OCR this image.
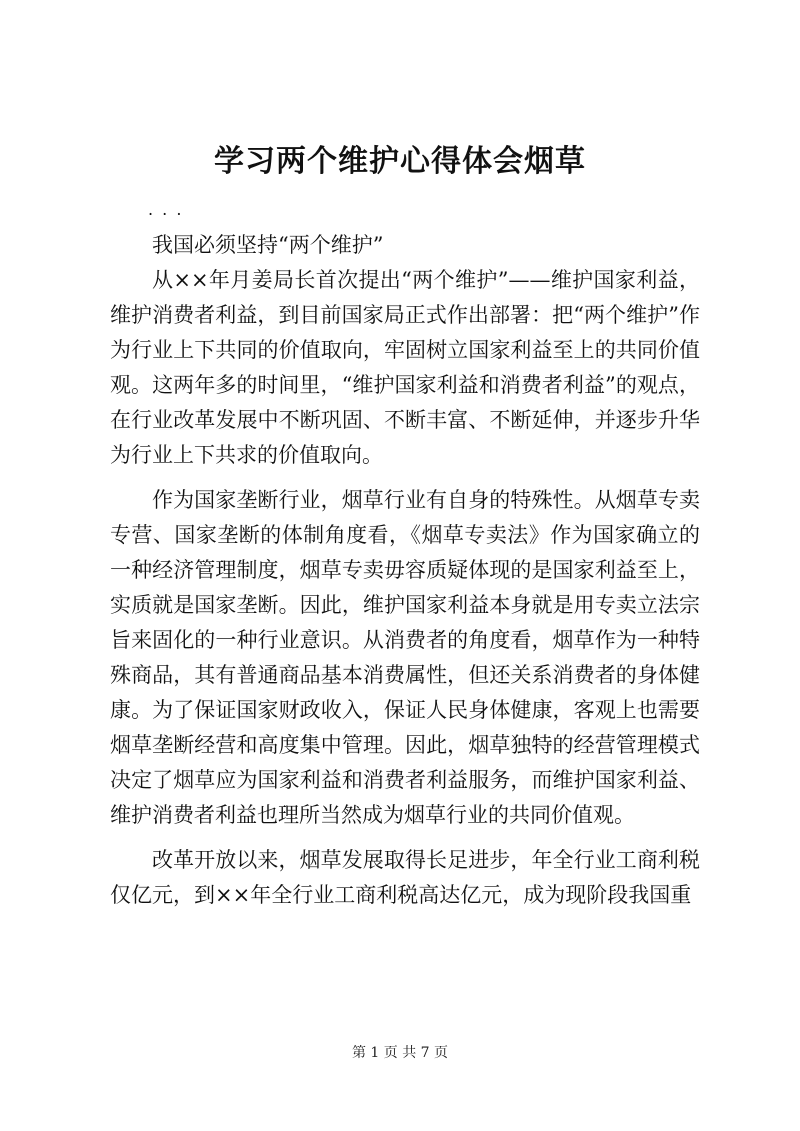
学习两个维护心得体会烟草
. . .

我国必须坚持“两个维护”

从××年月姜局长首次提出“两个维护”——维护国家利益，维护消费者利益，到目前国家局正式作出部署：把“两个维护”作为行业上下共同的价值取向，牢固树立国家利益至上的共同价值观。这两年多的时间里，“维护国家利益和消费者利益”的观点，在行业改革发展中不断巩固、不断丰富、不断延伸，并逐步升华为行业上下共求的价值取向。

作为国家垄断行业，烟草行业有自身的特殊性。从烟草专卖专营、国家垄断的体制角度看，《烟草专卖法》作为国家确立的一种经济管理制度，烟草专卖毋容质疑体现的是国家利益至上，实质就是国家垄断。因此，维护国家利益本身就是用专卖立法宗旨来固化的一种行业意识。从消费者的角度看，烟草作为一种特殊商品，其有普通商品基本消费属性，但还关系消费者的身体健康。为了保证国家财政收入，保证人民身体健康，客观上也需要烟草垄断经营和高度集中管理。因此，烟草独特的经营管理模式决定了烟草应为国家利益和消费者利益服务，而维护国家利益、维护消费者利益也理所当然成为烟草行业的共同价值观。

改革开放以来，烟草发展取得长足进步，年全行业工商利税仅亿元，到××年全行业工商利税高达亿元，成为现阶段我国重

第 1 页 共 7 页
